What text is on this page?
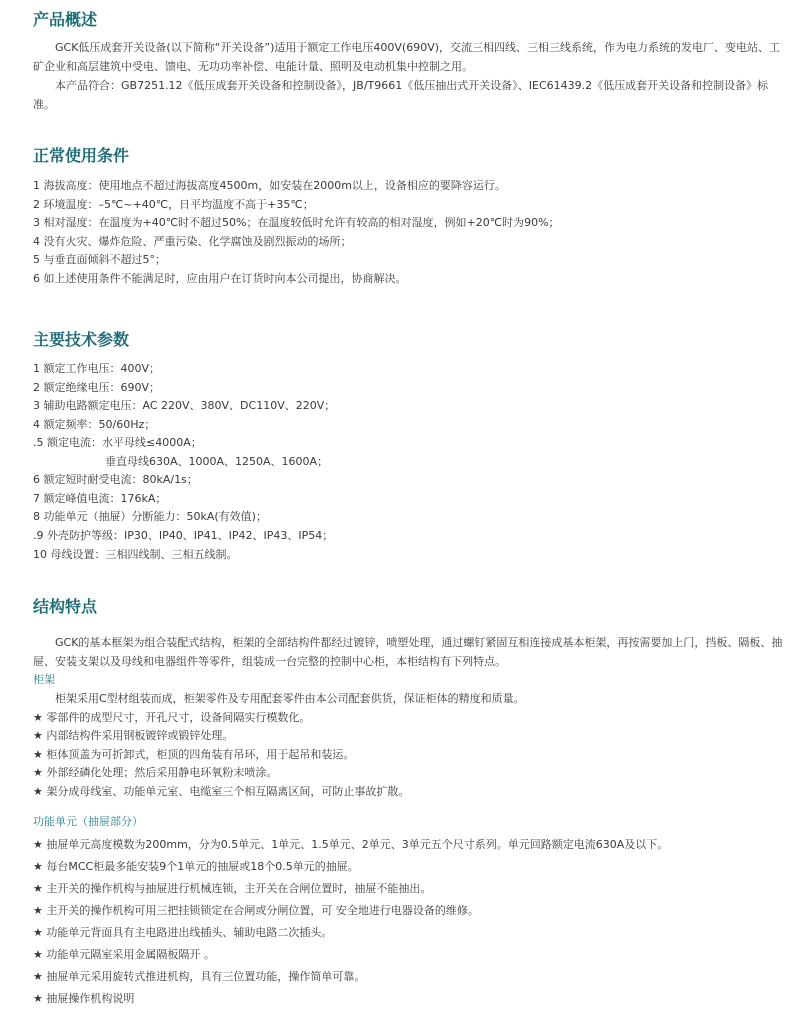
产品概述
GCK低压成套开关设备(以下简称“开关设备”)适用于额定工作电压400V(690V)，交流三相四线、三相三线系统，作为电力系统的发电厂、变电站、工矿企业和高层建筑中受电、馈电、无功功率补偿、电能计量、照明及电动机集中控制之用。
本产品符合：GB7251.12《低压成套开关设备和控制设备》，JB/T9661《低压抽出式开关设备》、IEC61439.2《低压成套开关设备和控制设备》标准。
正常使用条件
1 海拔高度：使用地点不超过海拔高度4500m，如安装在2000m以上，设备相应的要降容运行。
2 环境温度：–5℃~+40℃，日平均温度不高于+35℃；
3 相对湿度：在温度为+40℃时不超过50%；在温度较低时允许有较高的相对湿度，例如+20℃时为90%；
4 没有火灾、爆炸危险、严重污染、化学腐蚀及剧烈振动的场所；
5 与垂直面倾斜不超过5°；
6 如上述使用条件不能满足时，应由用户在订货时向本公司提出，协商解决。
主要技术参数
1 额定工作电压：400V；
2 额定绝缘电压：690V；
3 辅助电路额定电压：AC 220V、380V、DC110V、220V；
4 额定频率：50/60Hz；
.5 额定电流：水平母线≤4000A；
垂直母线630A、1000A、1250A、1600A；
6 额定短时耐受电流：80kA/1s；
7 额定峰值电流：176kA；
8 功能单元（抽屉）分断能力：50kA(有效值)；
.9 外壳防护等级：IP30、IP40、IP41、IP42、IP43、IP54；
10 母线设置：三相四线制、三相五线制。
结构特点
GCK的基本框架为组合装配式结构，柜架的全部结构件都经过镀锌，喷塑处理，通过螺钉紧固互相连接成基本柜架，再按需要加上门，挡板、隔板、抽屉、安装支架以及母线和电器组件等零件，组装成一台完整的控制中心柜，本柜结构有下列特点。
柜架
柜架采用C型材组装而成，柜架零件及专用配套零件由本公司配套供货，保证柜体的精度和质量。
★ 零部件的成型尺寸，开孔尺寸，设备间隔实行模数化。
★ 内部结构件采用钢板镀锌或锻锌处理。
★ 柜体顶盖为可折卸式，柜顶的四角装有吊环，用于起吊和装运。
★ 外部经磷化处理；然后采用静电环氧粉末喷涂。
★ 架分成母线室、功能单元室、电缆室三个相互隔离区间，可防止事故扩散。
功能单元（抽屉部分）
★ 抽屉单元高度模数为200mm，分为0.5单元、1单元、1.5单元、2单元、3单元五个尺寸系列。单元回路额定电流630A及以下。
★ 每台MCC柜最多能安装9个1单元的抽屉或18个0.5单元的抽屉。
★ 主开关的操作机构与抽屉进行机械连锁，主开关在合闸位置时，抽屉不能抽出。
★ 主开关的操作机构可用三把挂锁锁定在合闸或分闸位置，可 安全地进行电器设备的维修。
★ 功能单元背面具有主电路进出线插头、辅助电路二次插头。
★ 功能单元隔室采用金属隔板隔开 。
★ 抽屉单元采用旋转式推进机构，具有三位置功能，操作简单可靠。
★ 抽屉操作机构说明
